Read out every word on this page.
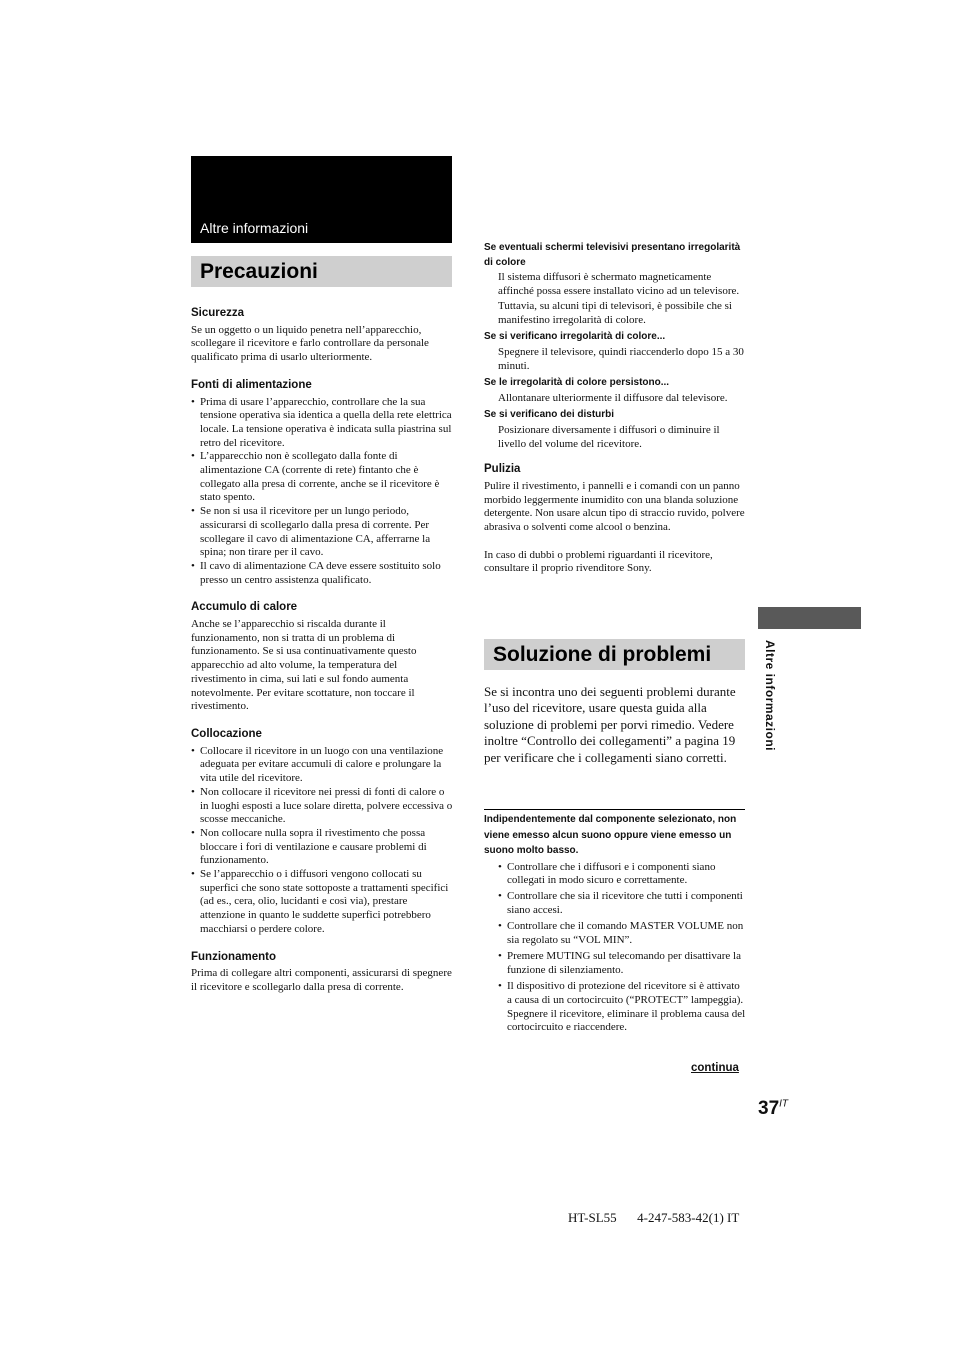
Altre informazioni
Precauzioni
Sicurezza

Se un oggetto o un liquido penetra nell’apparecchio, scollegare il ricevitore e farlo controllare da personale qualificato prima di usarlo ulteriormente.

Fonti di alimentazione
• Prima di usare l’apparecchio, controllare che la sua tensione operativa sia identica a quella della rete elettrica locale. La tensione operativa è indicata sulla piastrina sul retro del ricevitore.
• L’apparecchio non è scollegato dalla fonte di alimentazione CA (corrente di rete) fintanto che è collegato alla presa di corrente, anche se il ricevitore è stato spento.
• Se non si usa il ricevitore per un lungo periodo, assicurarsi di scollegarlo dalla presa di corrente. Per scollegare il cavo di alimentazione CA, afferrarne la spina; non tirare per il cavo.
• Il cavo di alimentazione CA deve essere sostituito solo presso un centro assistenza qualificato.
Accumulo di calore

Anche se l’apparecchio si riscalda durante il funzionamento, non si tratta di un problema di funzionamento. Se si usa continuativamente questo apparecchio ad alto volume, la temperatura del rivestimento in cima, sui lati e sul fondo aumenta notevolmente. Per evitare scottature, non toccare il rivestimento.

Collocazione
• Collocare il ricevitore in un luogo con una ventilazione adeguata per evitare accumuli di calore e prolungare la vita utile del ricevitore.
• Non collocare il ricevitore nei pressi di fonti di calore o in luoghi esposti a luce solare diretta, polvere eccessiva o scosse meccaniche.
• Non collocare nulla sopra il rivestimento che possa bloccare i fori di ventilazione e causare problemi di funzionamento.
• Se l’apparecchio o i diffusori vengono collocati su superfici che sono state sottoposte a trattamenti specifici (ad es., cera, olio, lucidanti e così via), prestare attenzione in quanto le suddette superfici potrebbero macchiarsi o perdere colore.
Funzionamento

Prima di collegare altri componenti, assicurarsi di spegnere il ricevitore e scollegarlo dalla presa di corrente.

Se eventuali schermi televisivi presentano irregolarità di colore

Il sistema diffusori è schermato magneticamente affinché possa essere installato vicino ad un televisore. Tuttavia, su alcuni tipi di televisori, è possibile che si manifestino irregolarità di colore.

Se si verificano irregolarità di colore...

Spegnere il televisore, quindi riaccenderlo dopo 15 a 30 minuti.

Se le irregolarità di colore persistono...

Allontanare ulteriormente il diffusore dal televisore.

Se si verificano dei disturbi

Posizionare diversamente i diffusori o diminuire il livello del volume del ricevitore.

Pulizia

Pulire il rivestimento, i pannelli e i comandi con un panno morbido leggermente inumidito con una blanda soluzione detergente. Non usare alcun tipo di straccio ruvido, polvere abrasiva o solventi come alcool o benzina.

In caso di dubbi o problemi riguardanti il ricevitore, consultare il proprio rivenditore Sony.

Soluzione di problemi

Se si incontra uno dei seguenti problemi durante l’uso del ricevitore, usare questa guida alla soluzione di problemi per porvi rimedio. Vedere inoltre “Controllo dei collegamenti” a pagina 19 per verificare che i collegamenti siano corretti.

Indipendentemente dal componente selezionato, non viene emesso alcun suono oppure viene emesso un suono molto basso.
• Controllare che i diffusori e i componenti siano collegati in modo sicuro e correttamente.
• Controllare che sia il ricevitore che tutti i componenti siano accesi.
• Controllare che il comando MASTER VOLUME non sia regolato su “VOL MIN”.
• Premere MUTING sul telecomando per disattivare la funzione di silenziamento.
• Il dispositivo di protezione del ricevitore si è attivato a causa di un cortocircuito (“PROTECT” lampeggia). Spegnere il ricevitore, eliminare il problema causa del cortocircuito e riaccendere.
continua
Altre informazioni
$37^{IT}$
HT-SL55 4-247-583-42(1) IT
